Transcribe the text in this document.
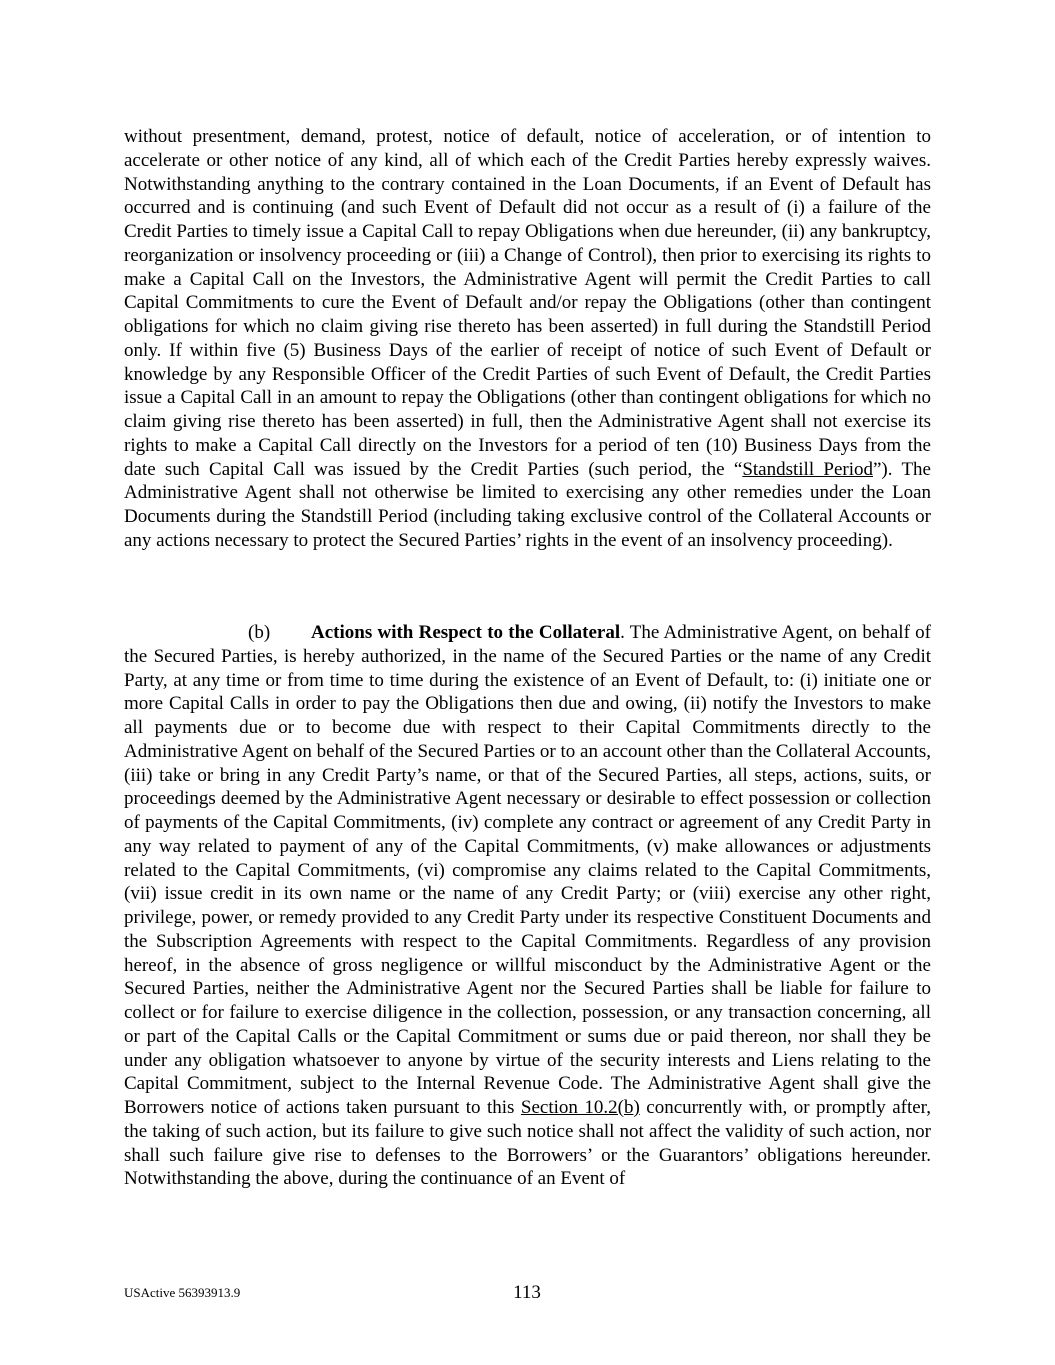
without presentment, demand, protest, notice of default, notice of acceleration, or of intention to accelerate or other notice of any kind, all of which each of the Credit Parties hereby expressly waives. Notwithstanding anything to the contrary contained in the Loan Documents, if an Event of Default has occurred and is continuing (and such Event of Default did not occur as a result of (i) a failure of the Credit Parties to timely issue a Capital Call to repay Obligations when due hereunder, (ii) any bankruptcy, reorganization or insolvency proceeding or (iii) a Change of Control), then prior to exercising its rights to make a Capital Call on the Investors, the Administrative Agent will permit the Credit Parties to call Capital Commitments to cure the Event of Default and/or repay the Obligations (other than contingent obligations for which no claim giving rise thereto has been asserted) in full during the Standstill Period only. If within five (5) Business Days of the earlier of receipt of notice of such Event of Default or knowledge by any Responsible Officer of the Credit Parties of such Event of Default, the Credit Parties issue a Capital Call in an amount to repay the Obligations (other than contingent obligations for which no claim giving rise thereto has been asserted) in full, then the Administrative Agent shall not exercise its rights to make a Capital Call directly on the Investors for a period of ten (10) Business Days from the date such Capital Call was issued by the Credit Parties (such period, the “Standstill Period”). The Administrative Agent shall not otherwise be limited to exercising any other remedies under the Loan Documents during the Standstill Period (including taking exclusive control of the Collateral Accounts or any actions necessary to protect the Secured Parties’ rights in the event of an insolvency proceeding).

(b) Actions with Respect to the Collateral. The Administrative Agent, on behalf of the Secured Parties, is hereby authorized, in the name of the Secured Parties or the name of any Credit Party, at any time or from time to time during the existence of an Event of Default, to: (i) initiate one or more Capital Calls in order to pay the Obligations then due and owing, (ii) notify the Investors to make all payments due or to become due with respect to their Capital Commitments directly to the Administrative Agent on behalf of the Secured Parties or to an account other than the Collateral Accounts, (iii) take or bring in any Credit Party’s name, or that of the Secured Parties, all steps, actions, suits, or proceedings deemed by the Administrative Agent necessary or desirable to effect possession or collection of payments of the Capital Commitments, (iv) complete any contract or agreement of any Credit Party in any way related to payment of any of the Capital Commitments, (v) make allowances or adjustments related to the Capital Commitments, (vi) compromise any claims related to the Capital Commitments, (vii) issue credit in its own name or the name of any Credit Party; or (viii) exercise any other right, privilege, power, or remedy provided to any Credit Party under its respective Constituent Documents and the Subscription Agreements with respect to the Capital Commitments. Regardless of any provision hereof, in the absence of gross negligence or willful misconduct by the Administrative Agent or the Secured Parties, neither the Administrative Agent nor the Secured Parties shall be liable for failure to collect or for failure to exercise diligence in the collection, possession, or any transaction concerning, all or part of the Capital Calls or the Capital Commitment or sums due or paid thereon, nor shall they be under any obligation whatsoever to anyone by virtue of the security interests and Liens relating to the Capital Commitment, subject to the Internal Revenue Code. The Administrative Agent shall give the Borrowers notice of actions taken pursuant to this Section 10.2(b) concurrently with, or promptly after, the taking of such action, but its failure to give such notice shall not affect the validity of such action, nor shall such failure give rise to defenses to the Borrowers’ or the Guarantors’ obligations hereunder. Notwithstanding the above, during the continuance of an Event of

USActive 56393913.9	113
